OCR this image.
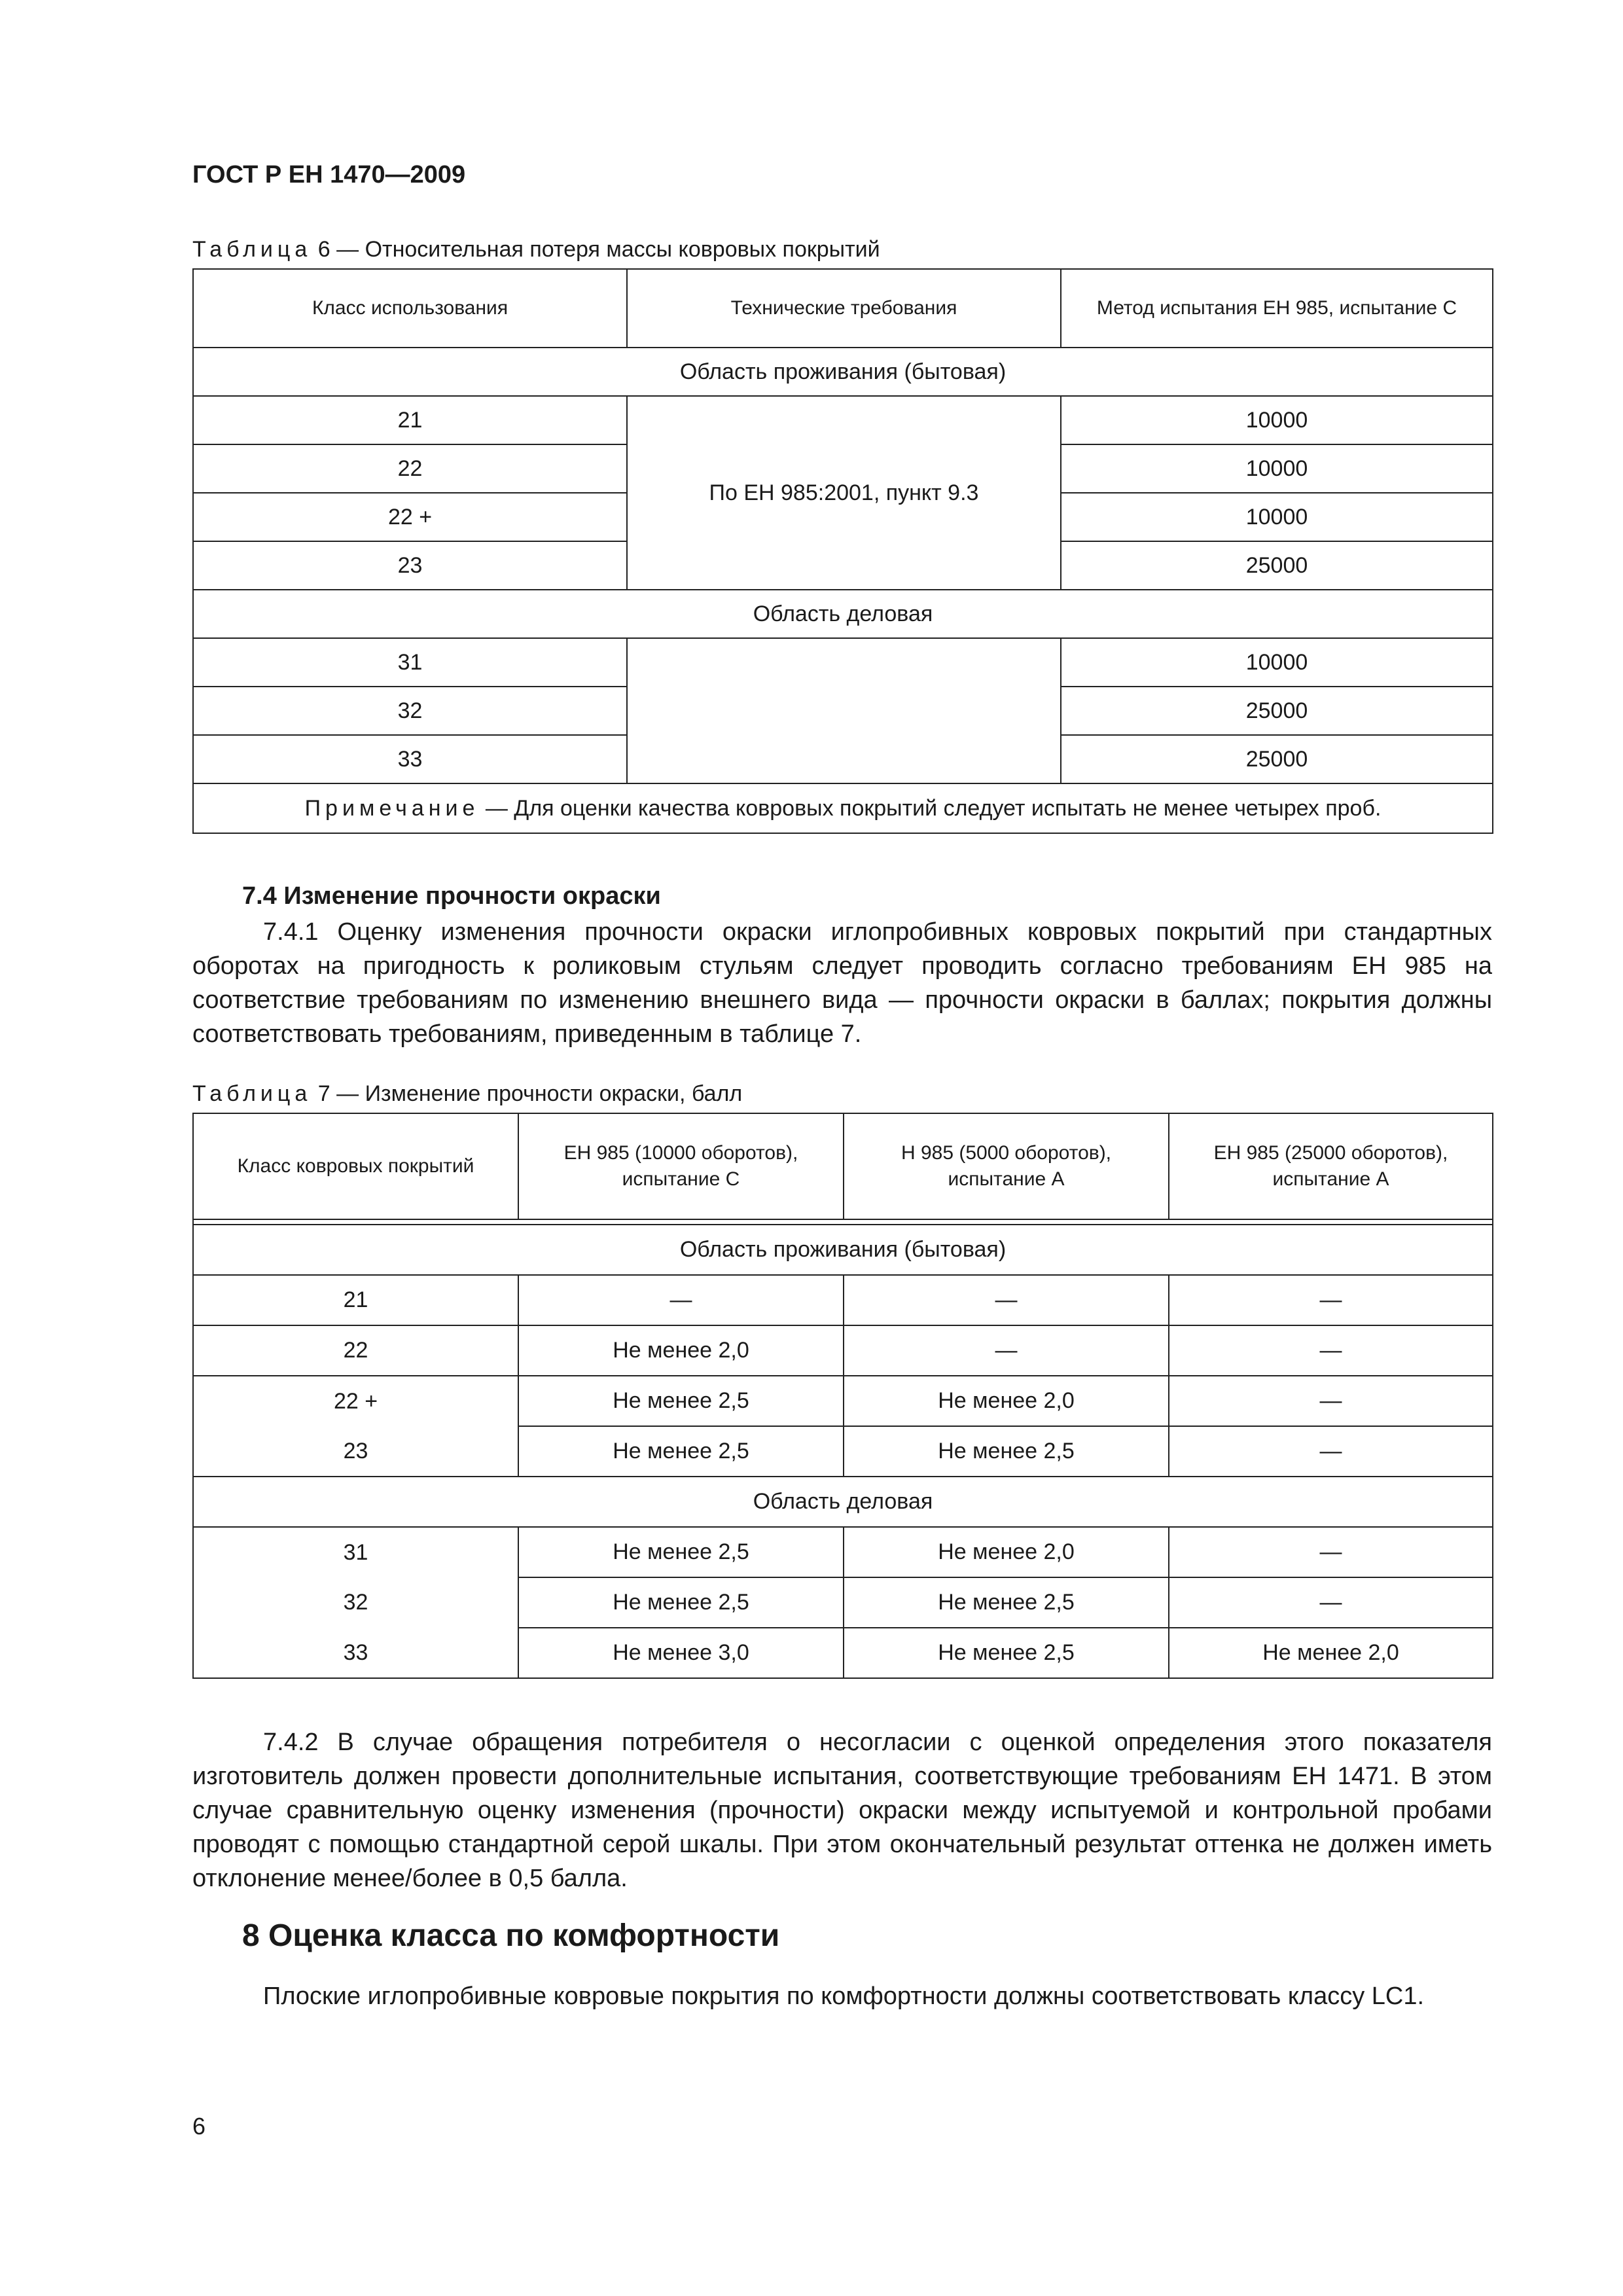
ГОСТ Р ЕН 1470—2009
Таблица 6 — Относительная потеря массы ковровых покрытий
Класс использования	Технические требования	Метод испытания ЕН 985, испытание С
Область проживания (бытовая)		
21	По ЕН 985:2001, пункт 9.3	10000
22		10000
22 +		10000
23		25000
Область деловая		
31		10000
32		25000
33		25000
Примечание — Для оценки качества ковровых покрытий следует испытать не менее четырех проб.		
7.4 Изменение прочности окраски
7.4.1 Оценку изменения прочности окраски иглопробивных ковровых покрытий при стандартных оборотах на пригодность к роликовым стульям следует проводить согласно требованиям ЕН 985 на соответствие требованиям по изменению внешнего вида — прочности окраски в баллах; покрытия должны соответствовать требованиям, приведенным в таблице 7.
Таблица 7 — Изменение прочности окраски, балл
Класс ковровых покрытий	ЕН 985 (10000 оборотов), испытание С	Н 985 (5000 оборотов), испытание А	ЕН 985 (25000 оборотов), испытание А

Область проживания (бытовая)			
21	—	—	—
22	Не менее 2,0	—	—
22 +	Не менее 2,5	Не менее 2,0	—
23	Не менее 2,5	Не менее 2,5	—
Область деловая			
31	Не менее 2,5	Не менее 2,0	—
32	Не менее 2,5	Не менее 2,5	—
33	Не менее 3,0	Не менее 2,5	Не менее 2,0
7.4.2 В случае обращения потребителя о несогласии с оценкой определения этого показателя изготовитель должен провести дополнительные испытания, соответствующие требованиям ЕН 1471. В этом случае сравнительную оценку изменения (прочности) окраски между испытуемой и контрольной пробами проводят с помощью стандартной серой шкалы. При этом окончательный результат оттенка не должен иметь отклонение менее/более в 0,5 балла.
8 Оценка класса по комфортности
Плоские иглопробивные ковровые покрытия по комфортности должны соответствовать классу LC1.
6
